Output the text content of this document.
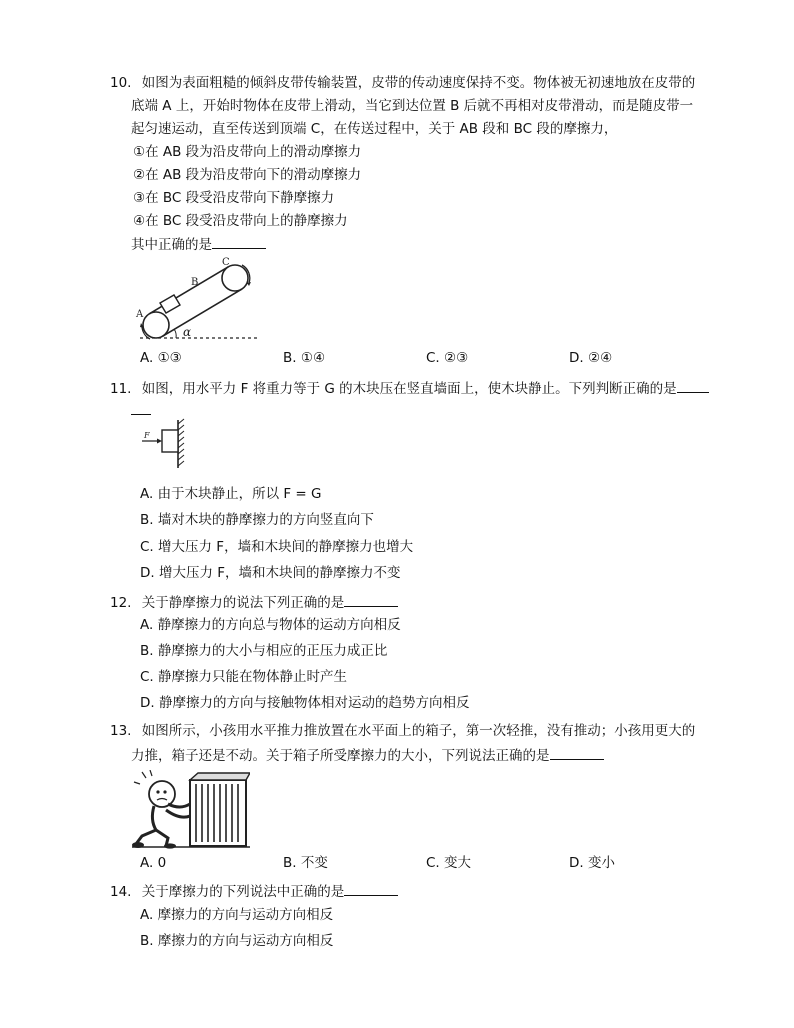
10. 如图为表面粗糙的倾斜皮带传输装置，皮带的传动速度保持不变。物体被无初速地放在皮带的
底端 A 上，开始时物体在皮带上滑动，当它到达位置 B 后就不再相对皮带滑动，而是随皮带一
起匀速运动，直至传送到顶端 C，在传送过程中，关于 AB 段和 BC 段的摩擦力，
①在 AB 段为沿皮带向上的滑动摩擦力
②在 AB 段为沿皮带向下的滑动摩擦力
③在 BC 段受沿皮带向下静摩擦力
④在 BC 段受沿皮带向上的静摩擦力
其中正确的是
A
B
C
α
A. ①③	B. ①④	C. ②③	D. ②④
11. 如图，用水平力 F 将重力等于 G 的木块压在竖直墙面上，使木块静止。下列判断正确的是
F
A. 由于木块静止，所以 F = G
B. 墙对木块的静摩擦力的方向竖直向下
C. 增大压力 F，墙和木块间的静摩擦力也增大
D. 增大压力 F，墙和木块间的静摩擦力不变
12. 关于静摩擦力的说法下列正确的是
A. 静摩擦力的方向总与物体的运动方向相反
B. 静摩擦力的大小与相应的正压力成正比
C. 静摩擦力只能在物体静止时产生
D. 静摩擦力的方向与接触物体相对运动的趋势方向相反
13. 如图所示，小孩用水平推力推放置在水平面上的箱子，第一次轻推，没有推动；小孩用更大的
力推，箱子还是不动。关于箱子所受摩擦力的大小，下列说法正确的是
A. 0	B. 不变	C. 变大	D. 变小
14. 关于摩擦力的下列说法中正确的是
A. 摩擦力的方向与运动方向相反
B. 摩擦力的方向与运动方向相反
